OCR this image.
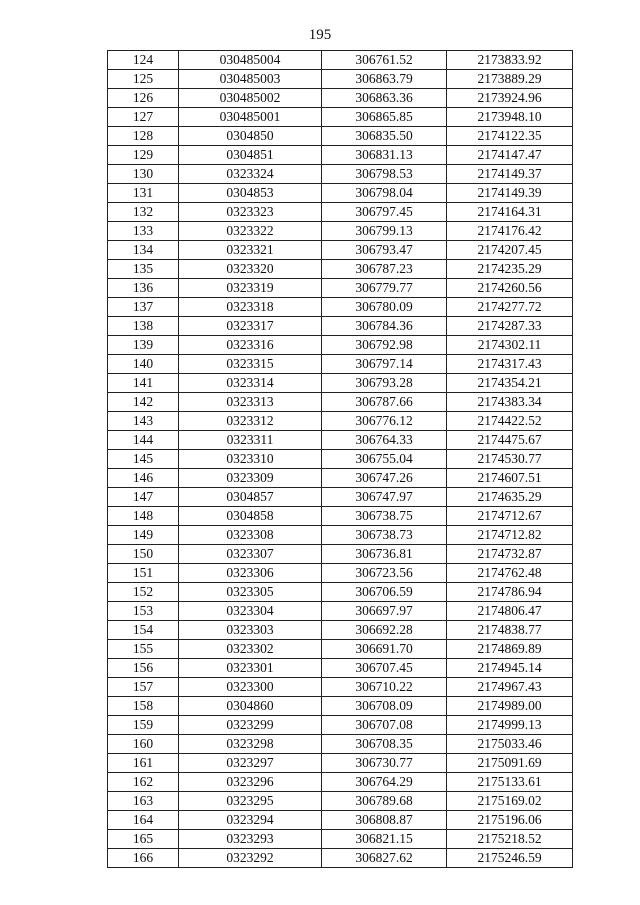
195
124	030485004	306761.52	2173833.92
125	030485003	306863.79	2173889.29
126	030485002	306863.36	2173924.96
127	030485001	306865.85	2173948.10
128	0304850	306835.50	2174122.35
129	0304851	306831.13	2174147.47
130	0323324	306798.53	2174149.37
131	0304853	306798.04	2174149.39
132	0323323	306797.45	2174164.31
133	0323322	306799.13	2174176.42
134	0323321	306793.47	2174207.45
135	0323320	306787.23	2174235.29
136	0323319	306779.77	2174260.56
137	0323318	306780.09	2174277.72
138	0323317	306784.36	2174287.33
139	0323316	306792.98	2174302.11
140	0323315	306797.14	2174317.43
141	0323314	306793.28	2174354.21
142	0323313	306787.66	2174383.34
143	0323312	306776.12	2174422.52
144	0323311	306764.33	2174475.67
145	0323310	306755.04	2174530.77
146	0323309	306747.26	2174607.51
147	0304857	306747.97	2174635.29
148	0304858	306738.75	2174712.67
149	0323308	306738.73	2174712.82
150	0323307	306736.81	2174732.87
151	0323306	306723.56	2174762.48
152	0323305	306706.59	2174786.94
153	0323304	306697.97	2174806.47
154	0323303	306692.28	2174838.77
155	0323302	306691.70	2174869.89
156	0323301	306707.45	2174945.14
157	0323300	306710.22	2174967.43
158	0304860	306708.09	2174989.00
159	0323299	306707.08	2174999.13
160	0323298	306708.35	2175033.46
161	0323297	306730.77	2175091.69
162	0323296	306764.29	2175133.61
163	0323295	306789.68	2175169.02
164	0323294	306808.87	2175196.06
165	0323293	306821.15	2175218.52
166	0323292	306827.62	2175246.59
